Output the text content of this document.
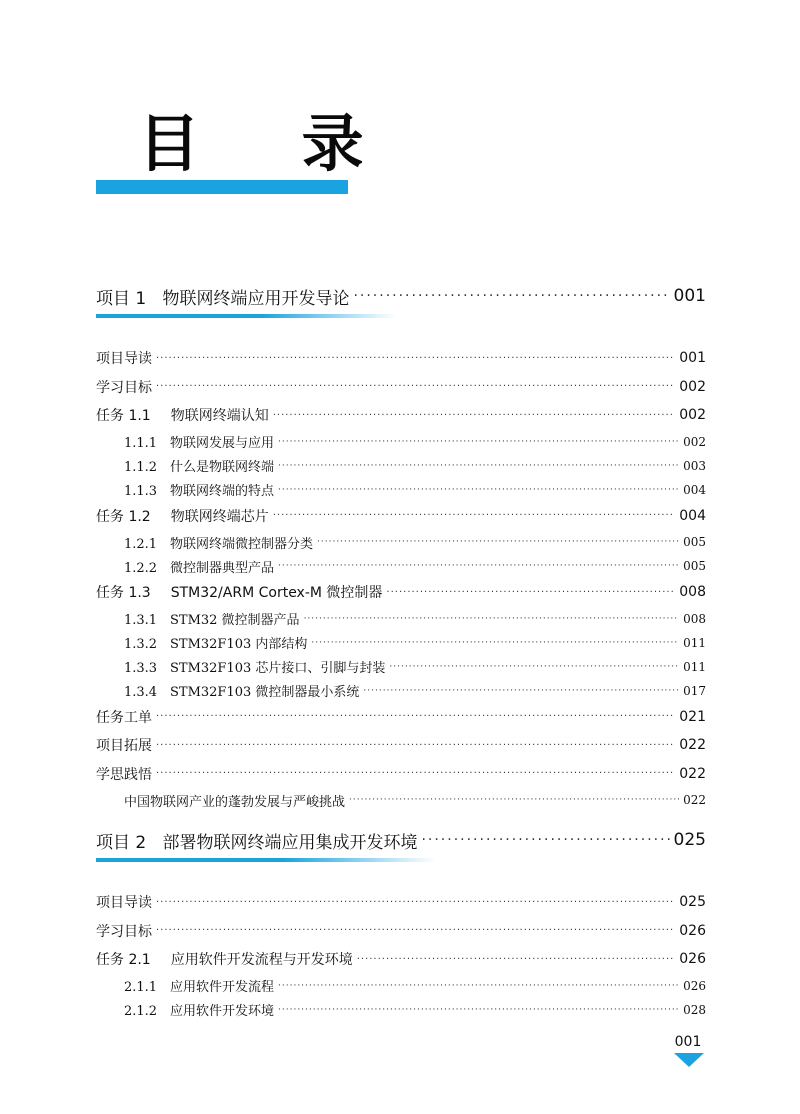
目 录
项目 1 物联网终端应用开发导论 ·····	001
项目导读 ·····	001
学习目标 ·····	002
任务 1.1 物联网终端认知 ·····	002
1.1.1 物联网发展与应用 ·····	002
1.1.2 什么是物联网终端 ·····	003
1.1.3 物联网终端的特点 ·····	004
任务 1.2 物联网终端芯片 ·····	004
1.2.1 物联网终端微控制器分类 ·····	005
1.2.2 微控制器典型产品 ·····	005
任务 1.3 STM32/ARM Cortex-M 微控制器 ·····	008
1.3.1 STM32 微控制器产品 ·····	008
1.3.2 STM32F103 内部结构 ·····	011
1.3.3 STM32F103 芯片接口、引脚与封装 ·····	011
1.3.4 STM32F103 微控制器最小系统 ·····	017
任务工单 ·····	021
项目拓展 ·····	022
学思践悟 ·····	022
中国物联网产业的蓬勃发展与严峻挑战 ·····	022
项目 2 部署物联网终端应用集成开发环境 ·····	025
项目导读 ·····	025
学习目标 ·····	026
任务 2.1 应用软件开发流程与开发环境 ·····	026
2.1.1 应用软件开发流程 ·····	026
2.1.2 应用软件开发环境 ·····	028
001
